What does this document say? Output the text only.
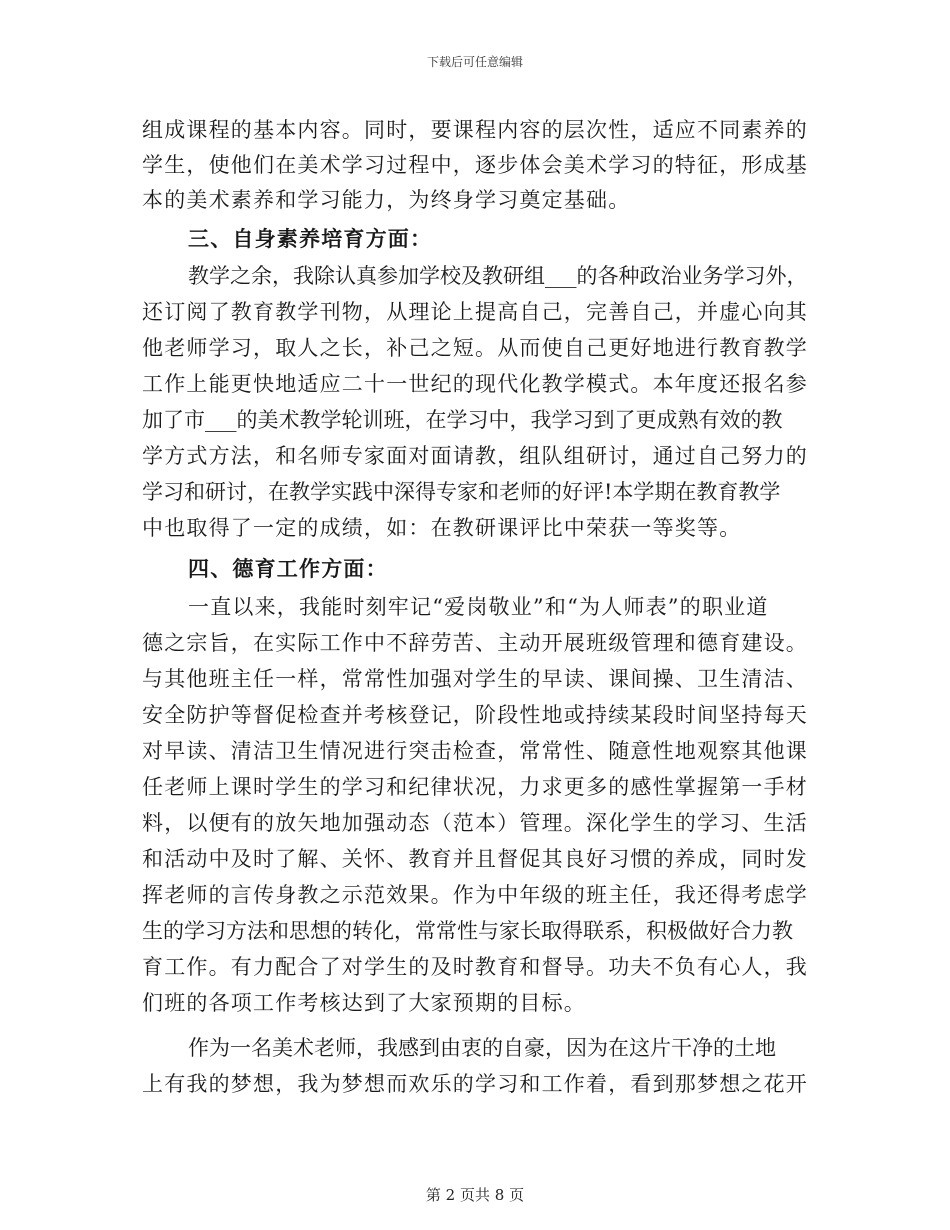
下载后可任意编辑
组成课程的基本内容。同时，要课程内容的层次性，适应不同素养的
学生，使他们在美术学习过程中，逐步体会美术学习的特征，形成基
本的美术素养和学习能力，为终身学习奠定基础。
三、自身素养培育方面：
教学之余，我除认真参加学校及教研组___的各种政治业务学习外，
还订阅了教育教学刊物，从理论上提高自己，完善自己，并虚心向其
他老师学习，取人之长，补己之短。从而使自己更好地进行教育教学
工作上能更快地适应二十一世纪的现代化教学模式。本年度还报名参
加了市___的美术教学轮训班，在学习中，我学习到了更成熟有效的教
学方式方法，和名师专家面对面请教，组队组研讨，通过自己努力的
学习和研讨，在教学实践中深得专家和老师的好评!本学期在教育教学
中也取得了一定的成绩，如：在教研课评比中荣获一等奖等。
四、德育工作方面：
一直以来，我能时刻牢记“爱岗敬业”和“为人师表”的职业道
德之宗旨，在实际工作中不辞劳苦、主动开展班级管理和德育建设。
与其他班主任一样，常常性加强对学生的早读、课间操、卫生清洁、
安全防护等督促检查并考核登记，阶段性地或持续某段时间坚持每天
对早读、清洁卫生情况进行突击检查，常常性、随意性地观察其他课
任老师上课时学生的学习和纪律状况，力求更多的感性掌握第一手材
料，以便有的放矢地加强动态（范本）管理。深化学生的学习、生活
和活动中及时了解、关怀、教育并且督促其良好习惯的养成，同时发
挥老师的言传身教之示范效果。作为中年级的班主任，我还得考虑学
生的学习方法和思想的转化，常常性与家长取得联系，积极做好合力教
育工作。有力配合了对学生的及时教育和督导。功夫不负有心人，我
们班的各项工作考核达到了大家预期的目标。
作为一名美术老师，我感到由衷的自豪，因为在这片干净的土地
上有我的梦想，我为梦想而欢乐的学习和工作着，看到那梦想之花开
第 2 页共 8 页
